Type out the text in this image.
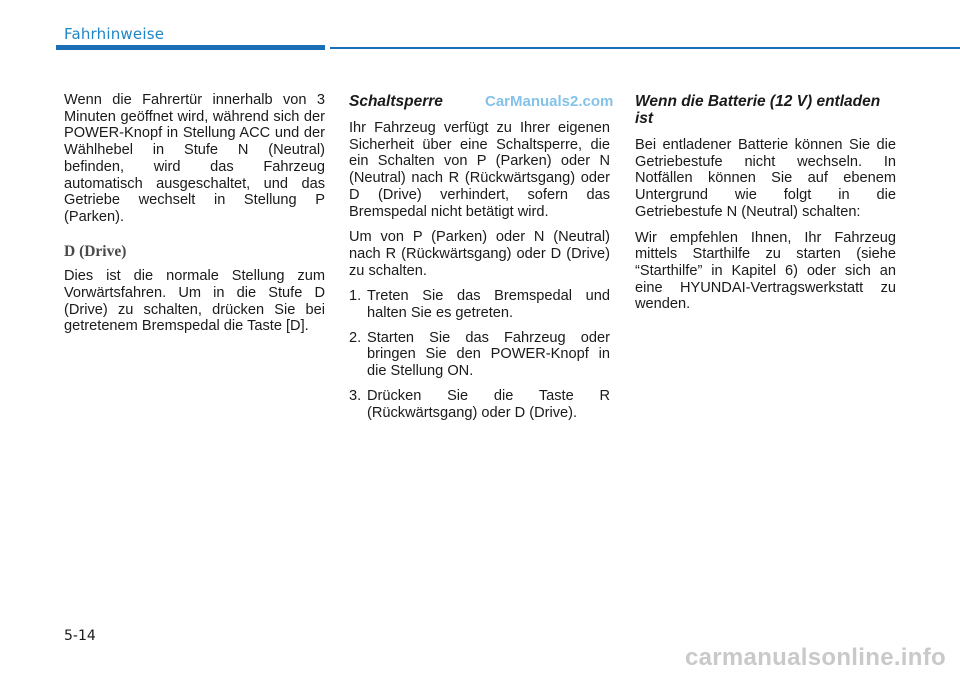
Fahrhinweise

Wenn die Fahrertür innerhalb von 3 Minuten geöffnet wird, während sich der POWER-Knopf in Stellung ACC und der Wählhebel in Stufe N (Neutral) befinden, wird das Fahrzeug automatisch ausgeschaltet, und das Getriebe wechselt in Stellung P (Parken).

D (Drive)

Dies ist die normale Stellung zum Vorwärtsfahren. Um in die Stufe D (Drive) zu schalten, drücken Sie bei getretenem Bremspedal die Taste [D].

Schaltsperre

Ihr Fahrzeug verfügt zu Ihrer eigenen Sicherheit über eine Schaltsperre, die ein Schalten von P (Parken) oder N (Neutral) nach R (Rückwärtsgang) oder D (Drive) verhindert, sofern das Bremspedal nicht betätigt wird.

Um von P (Parken) oder N (Neutral) nach R (Rückwärtsgang) oder D (Drive) zu schalten.

1. Treten Sie das Bremspedal und halten Sie es getreten.
2. Starten Sie das Fahrzeug oder bringen Sie den POWER-Knopf in die Stellung ON.
3. Drücken Sie die Taste R (Rückwärtsgang) oder D (Drive).
Wenn die Batterie (12 V) entladen ist

Bei entladener Batterie können Sie die Getriebestufe nicht wechseln. In Notfällen können Sie auf ebenem Untergrund wie folgt in die Getriebestufe N (Neutral) schalten:

Wir empfehlen Ihnen, Ihr Fahrzeug mittels Starthilfe zu starten (siehe “Starthilfe” in Kapitel 6) oder sich an eine HYUNDAI-Vertragswerkstatt zu wenden.

CarManuals2.com
5-14
carmanualsonline.info
